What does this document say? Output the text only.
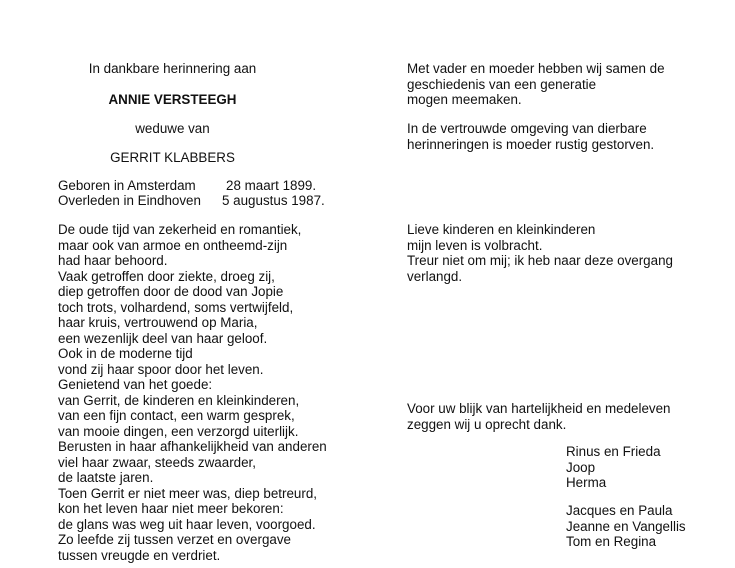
In dankbare herinnering aan
ANNIE VERSTEEGH
weduwe van
GERRIT KLABBERS
Geboren in Amsterdam 28 maart 1899.
Overleden in Eindhoven 5 augustus 1987.
De oude tijd van zekerheid en romantiek,
maar ook van armoe en ontheemd-zijn
had haar behoord.
Vaak getroffen door ziekte, droeg zij,
diep getroffen door de dood van Jopie
toch trots, volhardend, soms vertwijfeld,
haar kruis, vertrouwend op Maria,
een wezenlijk deel van haar geloof.
Ook in de moderne tijd
vond zij haar spoor door het leven.
Genietend van het goede:
van Gerrit, de kinderen en kleinkinderen,
van een fijn contact, een warm gesprek,
van mooie dingen, een verzorgd uiterlijk.
Berusten in haar afhankelijkheid van anderen
viel haar zwaar, steeds zwaarder,
de laatste jaren.
Toen Gerrit er niet meer was, diep betreurd,
kon het leven haar niet meer bekoren:
de glans was weg uit haar leven, voorgoed.
Zo leefde zij tussen verzet en overgave
tussen vreugde en verdriet.
Met vader en moeder hebben wij samen de
geschiedenis van een generatie
mogen meemaken.
In de vertrouwde omgeving van dierbare
herinneringen is moeder rustig gestorven.
Lieve kinderen en kleinkinderen
mijn leven is volbracht.
Treur niet om mij; ik heb naar deze overgang
verlangd.
Voor uw blijk van hartelijkheid en medeleven
zeggen wij u oprecht dank.
Rinus en Frieda
Joop
Herma
Jacques en Paula
Jeanne en Vangellis
Tom en Regina
